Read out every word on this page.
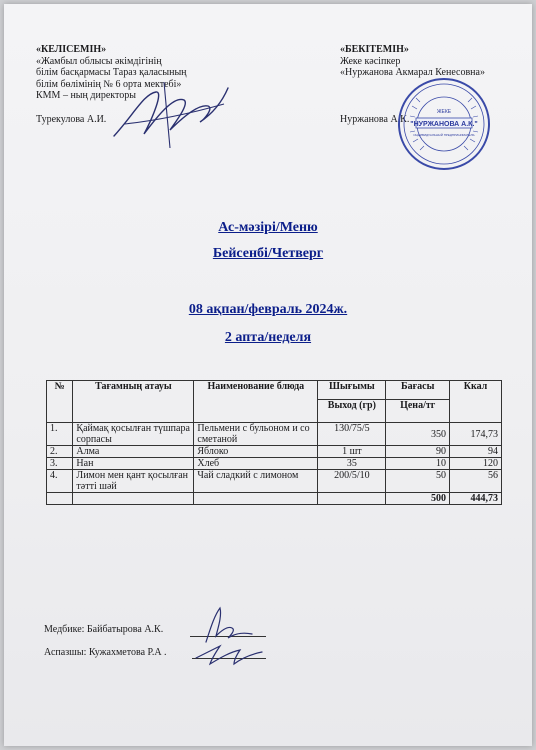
«КЕЛІСЕМІН»
«Жамбыл облысы әкімдігінің
білім басқармасы Тараз қаласының
білім бөлімінің № 6 орта мектебі»
КММ – ның директоры
Турекулова А.И.
«БЕКІТЕМІН»
Жеке кәсіпкер
«Нуржанова Акмарал Кенесовна»
Нуржанова А.К. "НУРЖАНОВА А.К."
ЖЕКЕ
ИНДИВИДУАЛЬНЫЙ ПРЕДПРИНИМАТЕЛЬ
Ас-мәзірі/Меню
Бейсенбі/Четверг
08 ақпан/февраль 2024ж.
2 апта/неделя
№	Тағамның атауы	Наименование блюда	Шығымы	Бағасы	Ккал
			Выход (гр)	Цена/тг	
1.	Қаймақ қосылған түшпара сорпасы	Пельмени с бульоном и со сметаной	130/75/5	350	174,73
2.	Алма	Яблоко	1 шт	90	94
3.	Нан	Хлеб	35	10	120
4.	Лимон мен қант қосылған тәтті шәй	Чай сладкий с лимоном	200/5/10	50	56
				500	444,73
Медбике: Байбатырова А.К.
Аспазшы: Кужахметова Р.А .
